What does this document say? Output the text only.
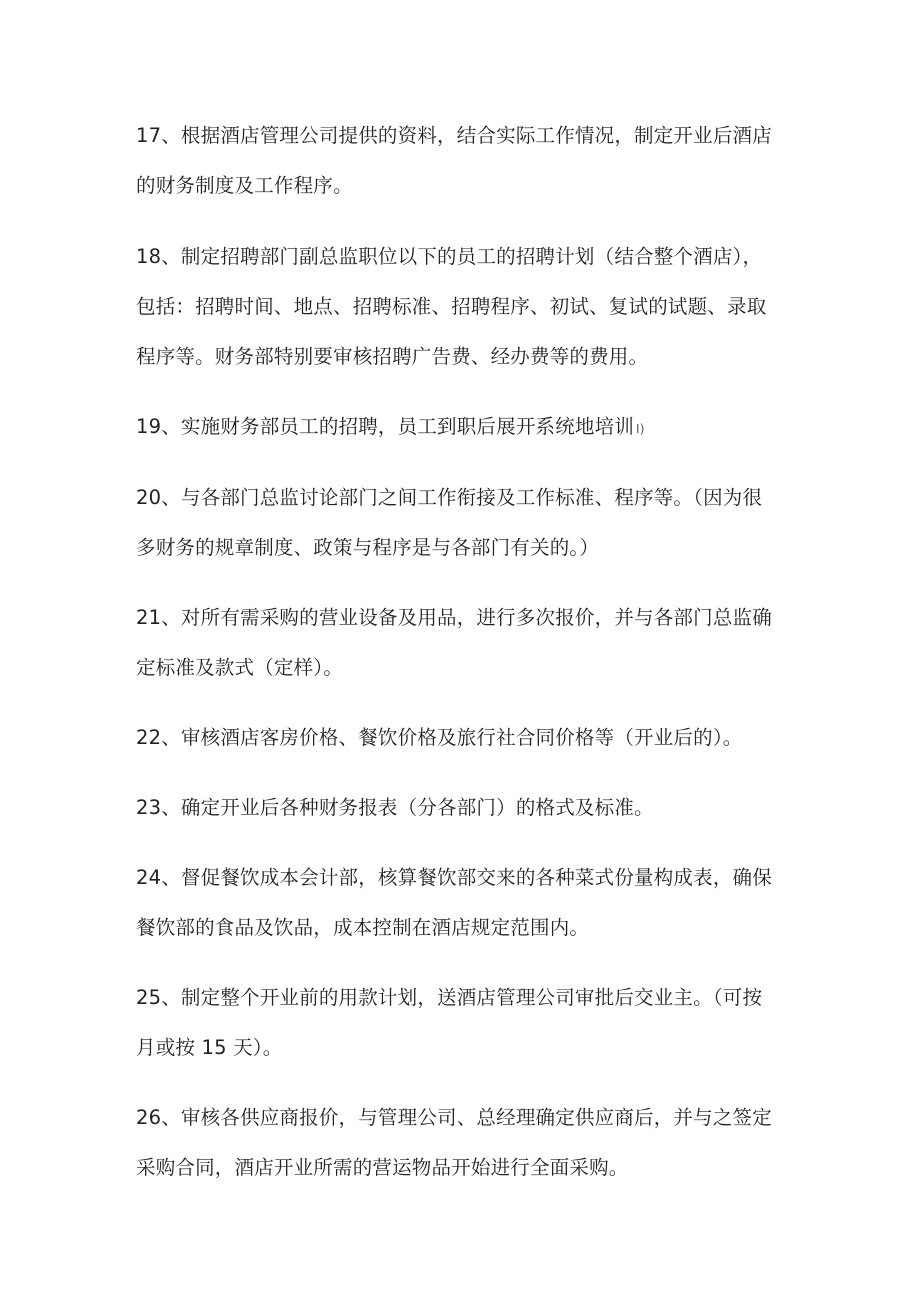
17、根据酒店管理公司提供的资料，结合实际工作情况，制定开业后酒店
的财务制度及工作程序。

18、制定招聘部门副总监职位以下的员工的招聘计划（结合整个酒店），
包括：招聘时间、地点、招聘标准、招聘程序、初试、复试的试题、录取
程序等。财务部特别要审核招聘广告费、经办费等的费用。

19、实施财务部员工的招聘，员工到职后展开系统地培训 I)

20、与各部门总监讨论部门之间工作衔接及工作标准、程序等。（因为很
多财务的规章制度、政策与程序是与各部门有关的。）

21、对所有需采购的营业设备及用品，进行多次报价，并与各部门总监确
定标准及款式（定样）。

22、审核酒店客房价格、餐饮价格及旅行社合同价格等（开业后的）。

23、确定开业后各种财务报表（分各部门）的格式及标准。

24、督促餐饮成本会计部，核算餐饮部交来的各种菜式份量构成表，确保
餐饮部的食品及饮品，成本控制在酒店规定范围内。

25、制定整个开业前的用款计划，送酒店管理公司审批后交业主。（可按
月或按 15 天）。

26、审核各供应商报价，与管理公司、总经理确定供应商后，并与之签定
采购合同，酒店开业所需的营运物品开始进行全面采购。
